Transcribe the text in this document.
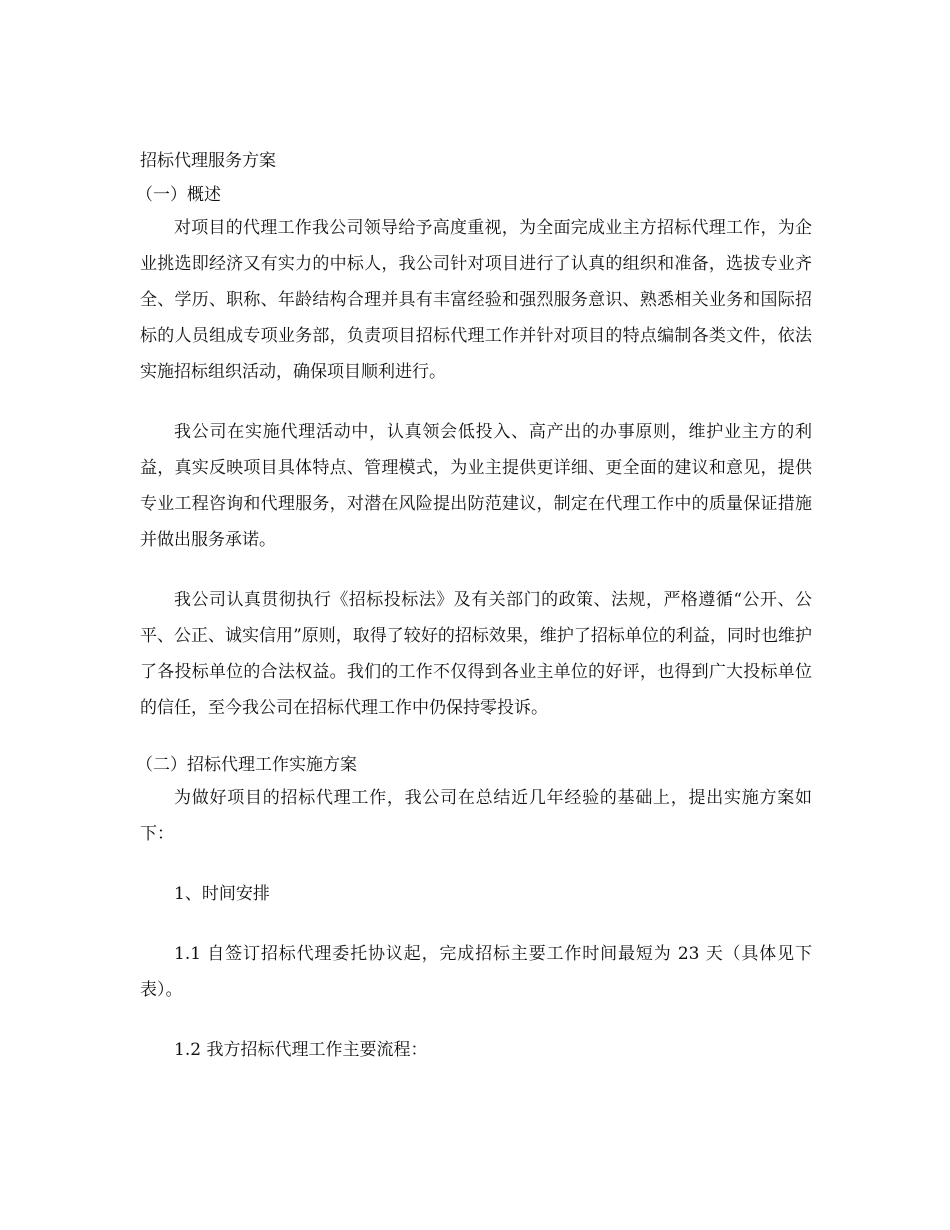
招标代理服务方案

（一）概述

对项目的代理工作我公司领导给予高度重视，为全面完成业主方招标代理工作，为企业挑选即经济又有实力的中标人，我公司针对项目进行了认真的组织和准备，选拔专业齐全、学历、职称、年龄结构合理并具有丰富经验和强烈服务意识、熟悉相关业务和国际招标的人员组成专项业务部，负责项目招标代理工作并针对项目的特点编制各类文件，依法实施招标组织活动，确保项目顺利进行。

我公司在实施代理活动中，认真领会低投入、高产出的办事原则，维护业主方的利益，真实反映项目具体特点、管理模式，为业主提供更详细、更全面的建议和意见，提供专业工程咨询和代理服务，对潜在风险提出防范建议，制定在代理工作中的质量保证措施并做出服务承诺。

我公司认真贯彻执行《招标投标法》及有关部门的政策、法规，严格遵循“公开、公平、公正、诚实信用”原则，取得了较好的招标效果，维护了招标单位的利益，同时也维护了各投标单位的合法权益。我们的工作不仅得到各业主单位的好评，也得到广大投标单位的信任，至今我公司在招标代理工作中仍保持零投诉。

（二）招标代理工作实施方案

为做好项目的招标代理工作，我公司在总结近几年经验的基础上，提出实施方案如下：

1、时间安排

1.1 自签订招标代理委托协议起，完成招标主要工作时间最短为 23 天（具体见下表）。

1.2 我方招标代理工作主要流程：
